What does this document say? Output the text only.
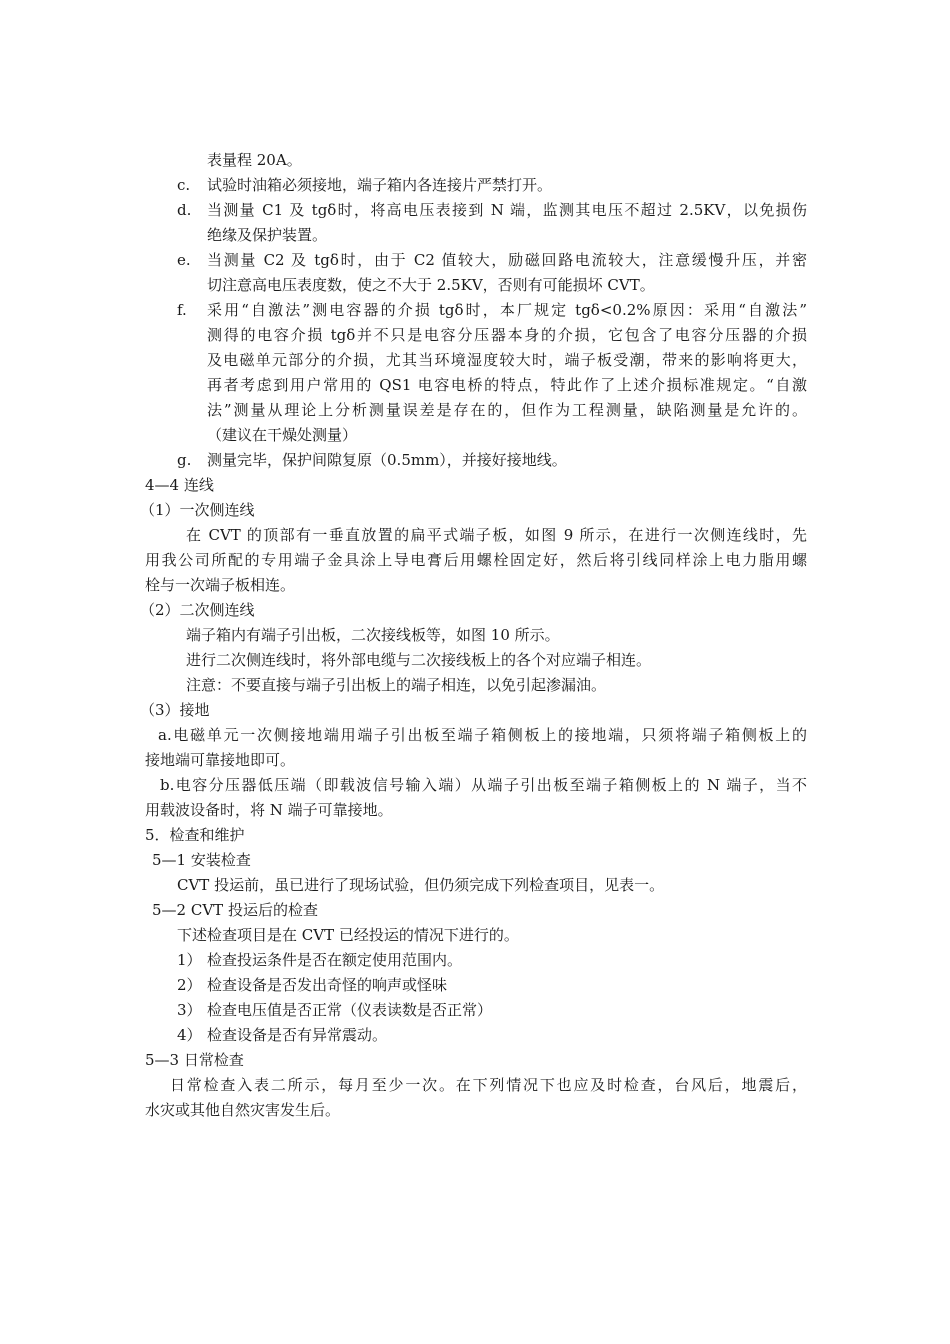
表量程 20A。
c. 试验时油箱必须接地，端子箱内各连接片严禁打开。
d. 当测量 C1 及 tgδ时，将高电压表接到 N 端，监测其电压不超过 2.5KV，以免损伤
绝缘及保护装置。
e. 当测量 C2 及 tgδ时，由于 C2 值较大，励磁回路电流较大，注意缓慢升压，并密
切注意高电压表度数，使之不大于 2.5KV，否则有可能损坏 CVT。
f. 采用“自激法”测电容器的介损 tgδ时，本厂规定 tgδ<0.2%原因：采用“自激法”
测得的电容介损 tgδ并不只是电容分压器本身的介损，它包含了电容分压器的介损
及电磁单元部分的介损，尤其当环境湿度较大时，端子板受潮，带来的影响将更大，
再者考虑到用户常用的 QS1 电容电桥的特点，特此作了上述介损标准规定。“自激
法”测量从理论上分析测量误差是存在的，但作为工程测量，缺陷测量是允许的。
（建议在干燥处测量）
g. 测量完毕，保护间隙复原（0.5mm），并接好接地线。
4—4 连线
（1）一次侧连线
在 CVT 的顶部有一垂直放置的扁平式端子板，如图 9 所示，在进行一次侧连线时，先
用我公司所配的专用端子金具涂上导电膏后用螺栓固定好，然后将引线同样涂上电力脂用螺
栓与一次端子板相连。
（2）二次侧连线
端子箱内有端子引出板，二次接线板等，如图 10 所示。
进行二次侧连线时，将外部电缆与二次接线板上的各个对应端子相连。
注意：不要直接与端子引出板上的端子相连，以免引起渗漏油。
（3）接地
a.电磁单元一次侧接地端用端子引出板至端子箱侧板上的接地端，只须将端子箱侧板上的
接地端可靠接地即可。
b.电容分压器低压端（即载波信号输入端）从端子引出板至端子箱侧板上的 N 端子，当不
用载波设备时，将 N 端子可靠接地。
5．检查和维护
5—1 安装检查
CVT 投运前，虽已进行了现场试验，但仍须完成下列检查项目，见表一。
5—2 CVT 投运后的检查
下述检查项目是在 CVT 已经投运的情况下进行的。
1） 检查投运条件是否在额定使用范围内。
2） 检查设备是否发出奇怪的响声或怪味
3） 检查电压值是否正常（仪表读数是否正常）
4） 检查设备是否有异常震动。
5—3 日常检查
日常检查入表二所示，每月至少一次。在下列情况下也应及时检查，台风后，地震后，
水灾或其他自然灾害发生后。
